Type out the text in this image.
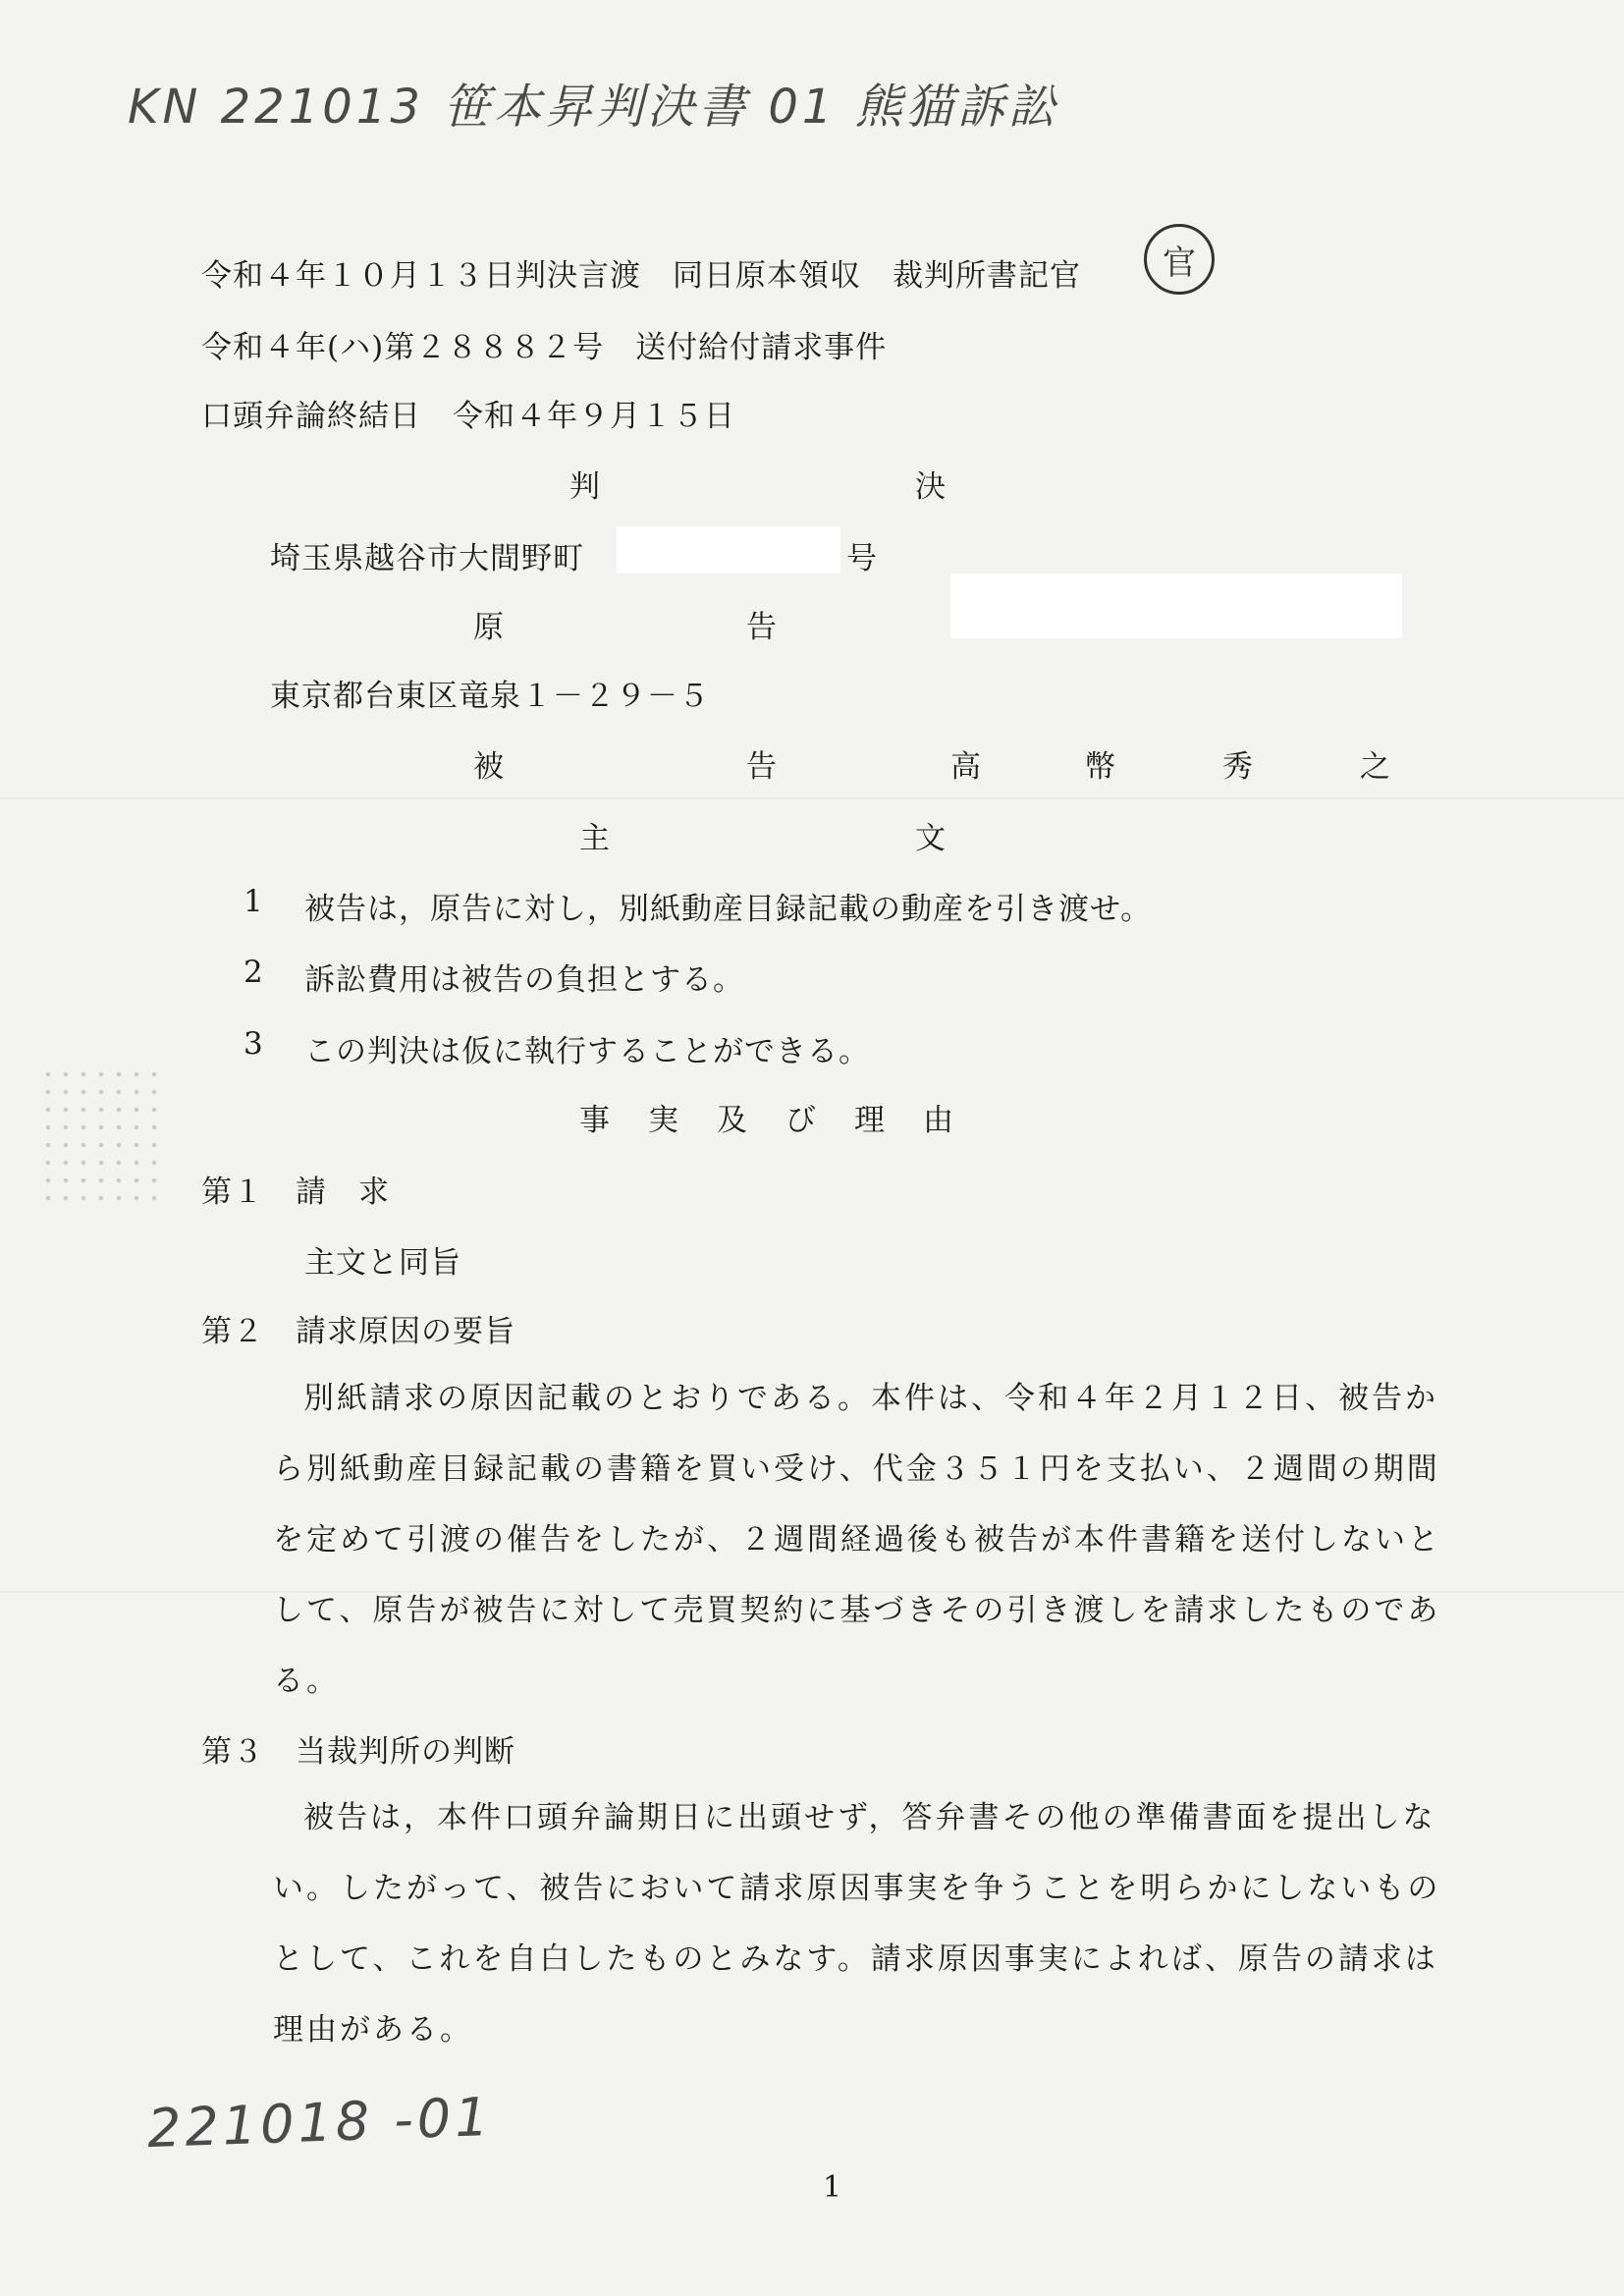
KN 221013 笹本昇判決書 01 熊猫訴訟
官
令和４年１０月１３日判決言渡　同日原本領収　裁判所書記官
令和４年(ハ)第２８８８２号　送付給付請求事件
口頭弁論終結日　令和４年９月１５日
判	決
埼玉県越谷市大間野町	号
原	告
東京都台東区竜泉１－２９－５
被	告	高	幣	秀	之
主	文
1 被告は，原告に対し，別紙動産目録記載の動産を引き渡せ。
2 訴訟費用は被告の負担とする。
3 この判決は仮に執行することができる。
事　実　及　び　理　由
第１　請　求
主文と同旨
第２　請求原因の要旨

別紙請求の原因記載のとおりである。本件は、令和４年２月１２日、被告から別紙動産目録記載の書籍を買い受け、代金３５１円を支払い、２週間の期間を定めて引渡の催告をしたが、２週間経過後も被告が本件書籍を送付しないとして、原告が被告に対して売買契約に基づきその引き渡しを請求したものである。

第３　当裁判所の判断

被告は，本件口頭弁論期日に出頭せず，答弁書その他の準備書面を提出しない。したがって、被告において請求原因事実を争うことを明らかにしないものとして、これを自白したものとみなす。請求原因事実によれば、原告の請求は理由がある。

221018 -01
1
